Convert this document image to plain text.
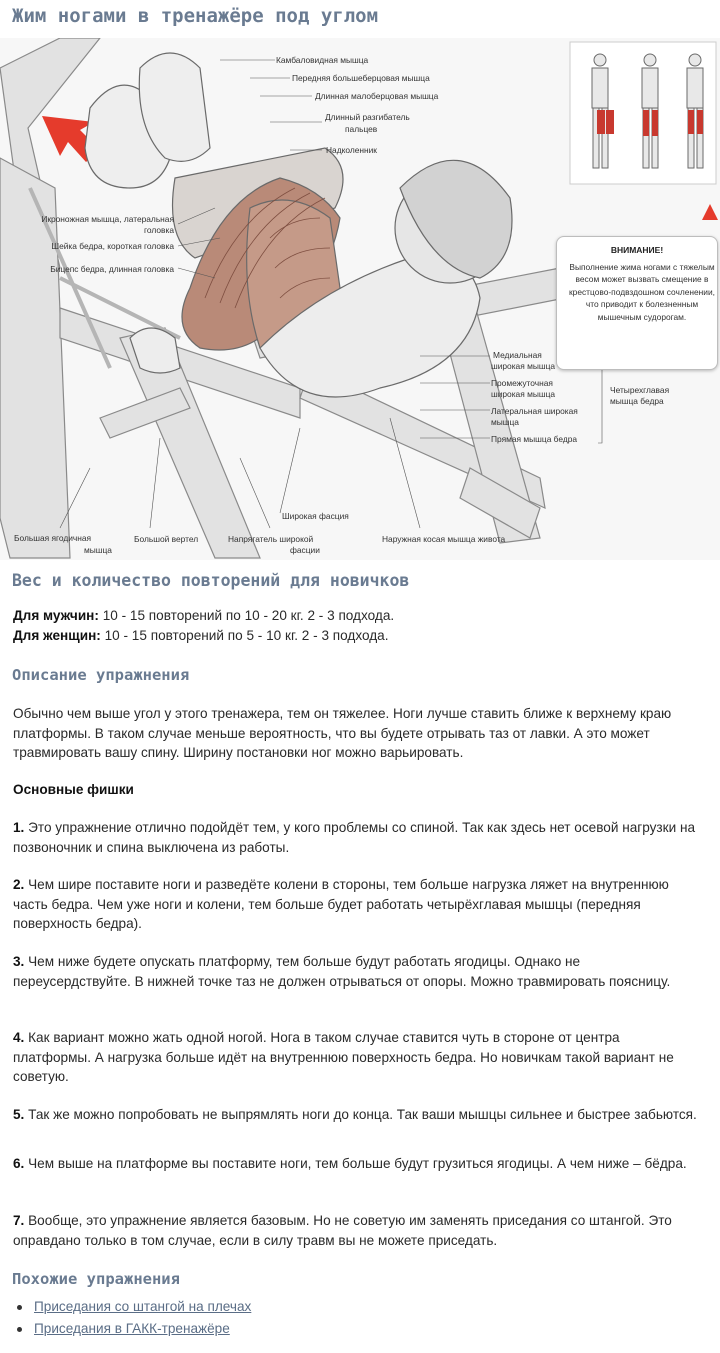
Жим ногами в тренажёре под углом
Камбаловидная мышца
Передняя большеберцовая мышца
Длинная малоберцовая мышца
Длинный разгибатель
пальцев
Надколенник
Икроножная мышца, латеральная
головка
Шейка бедра, короткая головка
Бицепс бедра, длинная головка
ВНИМАНИЕ!
Выполнение жима ногами с тяжелым весом может вызвать смещение в крестцово-подвздошном сочленении, что приводит к болезненным мышечным судорогам.
Медиальная
широкая мышца
Промежуточная
широкая мышца
Латеральная широкая
мышца
Прямая мышца бедра
Четырехглавая
мышца бедра
Широкая фасция
Большая ягодичная
мышца
Большой вертел	Напрягатель широкой
фасции
Наружная косая мышца живота
Вес и количество повторений для новичков

Для мужчин: 10 - 15 повторений по 10 - 20 кг. 2 - 3 подхода.

Для женщин: 10 - 15 повторений по 5 - 10 кг. 2 - 3 подхода.

Описание упражнения

Обычно чем выше угол у этого тренажера, тем он тяжелее. Ноги лучше ставить ближе к верхнему краю платформы. В таком случае меньше вероятность, что вы будете отрывать таз от лавки. А это может травмировать вашу спину. Ширину постановки ног можно варьировать.

Основные фишки

1. Это упражнение отлично подойдёт тем, у кого проблемы со спиной. Так как здесь нет осевой нагрузки на позвоночник и спина выключена из работы.

2. Чем шире поставите ноги и разведёте колени в стороны, тем больше нагрузка ляжет на внутреннюю часть бедра. Чем уже ноги и колени, тем больше будет работать четырёхглавая мышцы (передняя поверхность бедра).

3. Чем ниже будете опускать платформу, тем больше будут работать ягодицы. Однако не переусердствуйте. В нижней точке таз не должен отрываться от опоры. Можно травмировать поясницу.

4. Как вариант можно жать одной ногой. Нога в таком случае ставится чуть в стороне от центра платформы. А нагрузка больше идёт на внутреннюю поверхность бедра. Но новичкам такой вариант не советую.

5. Так же можно попробовать не выпрямлять ноги до конца. Так ваши мышцы сильнее и быстрее забьются.

6. Чем выше на платформе вы поставите ноги, тем больше будут грузиться ягодицы. А чем ниже – бёдра.

7. Вообще, это упражнение является базовым. Но не советую им заменять приседания со штангой. Это оправдано только в том случае, если в силу травм вы не можете приседать.

Похожие упражнения
Приседания со штангой на плечах
Приседания в ГАКК-тренажёре
